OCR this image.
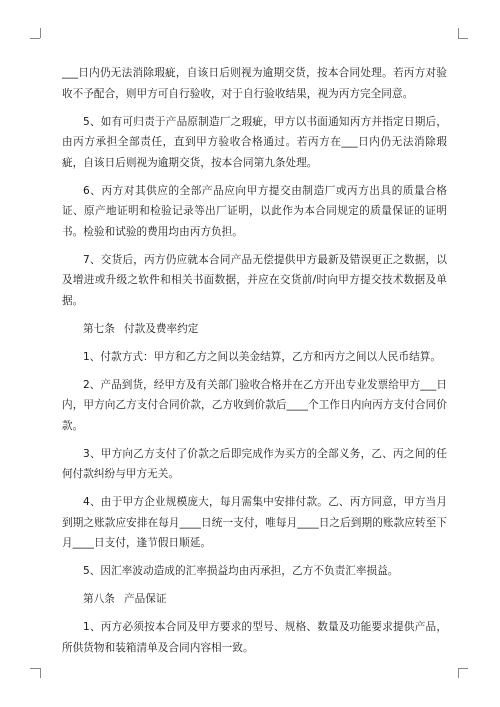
___日内仍无法消除瑕疵，自该日后则视为逾期交货，按本合同处理。若丙方对验收不予配合，则甲方可自行验收，对于自行验收结果，视为丙方完全同意。

5、如有可归责于产品原制造厂之瑕疵，甲方以书面通知丙方并指定日期后，由丙方承担全部责任，直到甲方验收合格通过。若丙方在___日内仍无法消除瑕疵，自该日后则视为逾期交货，按本合同第九条处理。

6、丙方对其供应的全部产品应向甲方提交由制造厂或丙方出具的质量合格证、原产地证明和检验记录等出厂证明，以此作为本合同规定的质量保证的证明书。检验和试验的费用均由丙方负担。

7、交货后，丙方仍应就本合同产品无偿提供甲方最新及错误更正之数据，以及增进或升级之软件和相关书面数据，并应在交货前/时向甲方提交技术数据及单据。

第七条 付款及费率约定

1、付款方式：甲方和乙方之间以美金结算，乙方和丙方之间以人民币结算。

2、产品到货，经甲方及有关部门验收合格并在乙方开出专业发票给甲方___日内，甲方向乙方支付合同价款，乙方收到价款后____个工作日内向丙方支付合同价款。

3、甲方向乙方支付了价款之后即完成作为买方的全部义务，乙、丙之间的任何付款纠纷与甲方无关。

4、由于甲方企业规模庞大，每月需集中安排付款。乙、丙方同意，甲方当月到期之账款应安排在每月____日统一支付，唯每月____日之后到期的账款应转至下月____日支付，逢节假日顺延。

5、因汇率波动造成的汇率损益均由丙承担，乙方不负责汇率损益。

第八条 产品保证

1、丙方必须按本合同及甲方要求的型号、规格、数量及功能要求提供产品，所供货物和装箱清单及合同内容相一致。
